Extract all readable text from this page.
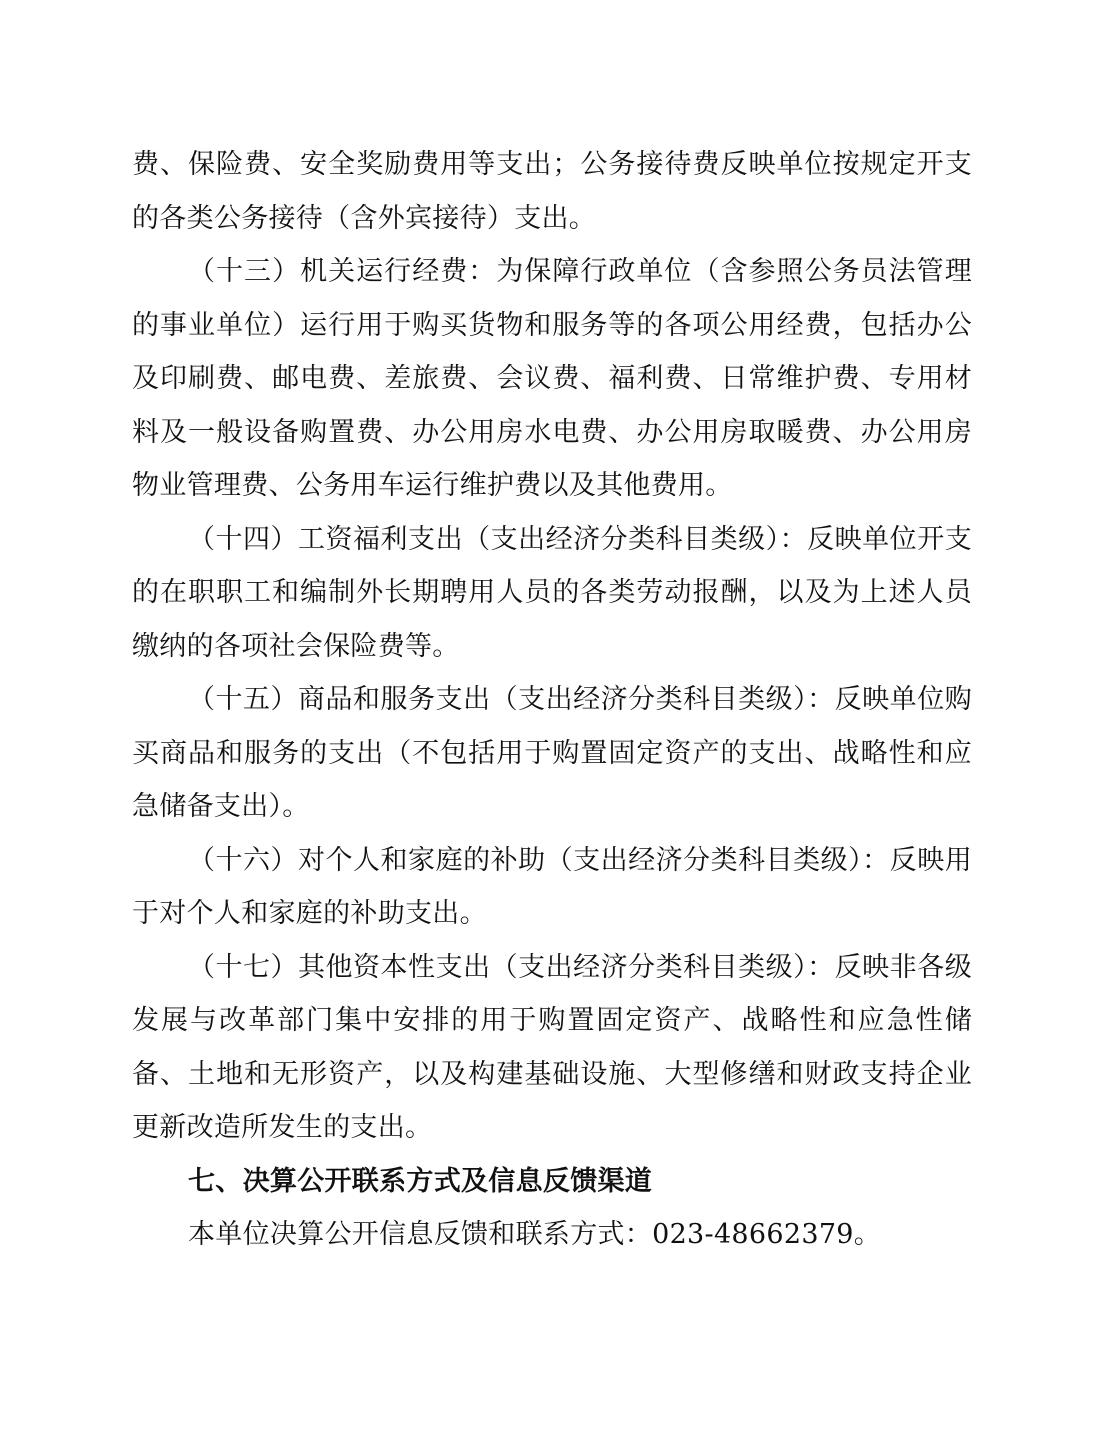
费、保险费、安全奖励费用等支出；公务接待费反映单位按规定开支的各类公务接待（含外宾接待）支出。

（十三）机关运行经费：为保障行政单位（含参照公务员法管理的事业单位）运行用于购买货物和服务等的各项公用经费，包括办公及印刷费、邮电费、差旅费、会议费、福利费、日常维护费、专用材料及一般设备购置费、办公用房水电费、办公用房取暖费、办公用房物业管理费、公务用车运行维护费以及其他费用。

（十四）工资福利支出（支出经济分类科目类级）：反映单位开支的在职职工和编制外长期聘用人员的各类劳动报酬，以及为上述人员缴纳的各项社会保险费等。

（十五）商品和服务支出（支出经济分类科目类级）：反映单位购买商品和服务的支出（不包括用于购置固定资产的支出、战略性和应急储备支出）。

（十六）对个人和家庭的补助（支出经济分类科目类级）：反映用于对个人和家庭的补助支出。

（十七）其他资本性支出（支出经济分类科目类级）：反映非各级发展与改革部门集中安排的用于购置固定资产、战略性和应急性储备、土地和无形资产，以及构建基础设施、大型修缮和财政支持企业更新改造所发生的支出。

七、决算公开联系方式及信息反馈渠道

本单位决算公开信息反馈和联系方式：023-48662379。
